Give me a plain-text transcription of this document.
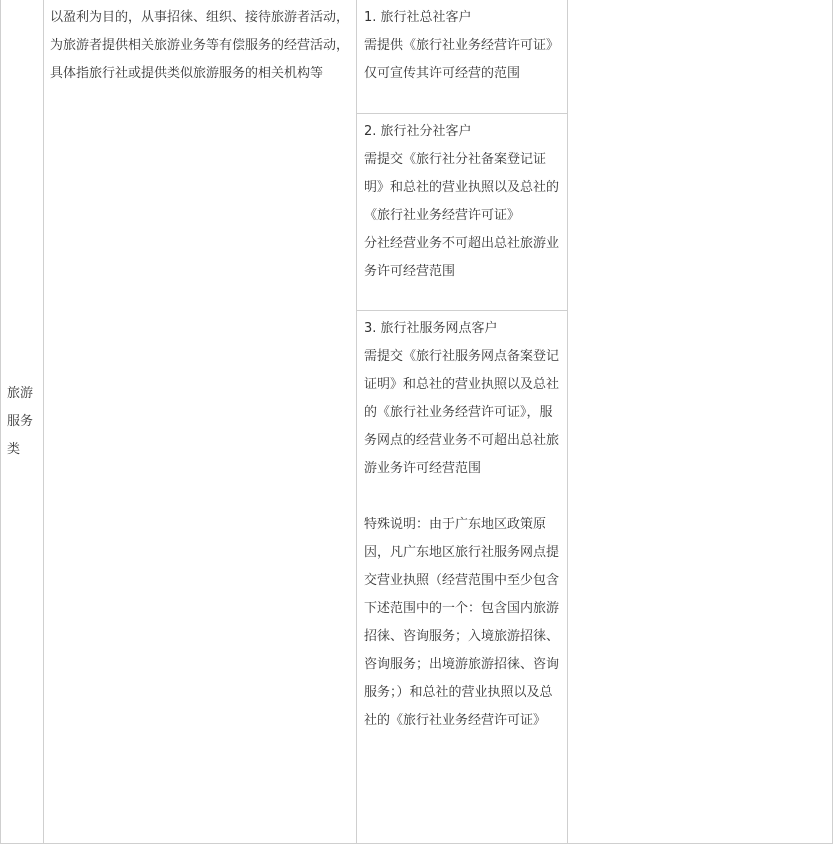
旅游
服务
类

以盈利为目的，从事招徕、组织、接待旅游者活动，为旅游者提供相关旅游业务等有偿服务的经营活动，具体指旅行社或提供类似旅游服务的相关机构等

1. 旅行社总社客户

需提供《旅行社业务经营许可证》

仅可宣传其许可经营的范围

2. 旅行社分社客户

需提交《旅行社分社备案登记证明》和总社的营业执照以及总社的《旅行社业务经营许可证》

分社经营业务不可超出总社旅游业务许可经营范围

3. 旅行社服务网点客户

需提交《旅行社服务网点备案登记证明》和总社的营业执照以及总社的《旅行社业务经营许可证》，服务网点的经营业务不可超出总社旅游业务许可经营范围

特殊说明：由于广东地区政策原因，凡广东地区旅行社服务网点提交营业执照（经营范围中至少包含下述范围中的一个：包含国内旅游招徕、咨询服务；入境旅游招徕、咨询服务；出境游旅游招徕、咨询服务；）和总社的营业执照以及总社的《旅行社业务经营许可证》
